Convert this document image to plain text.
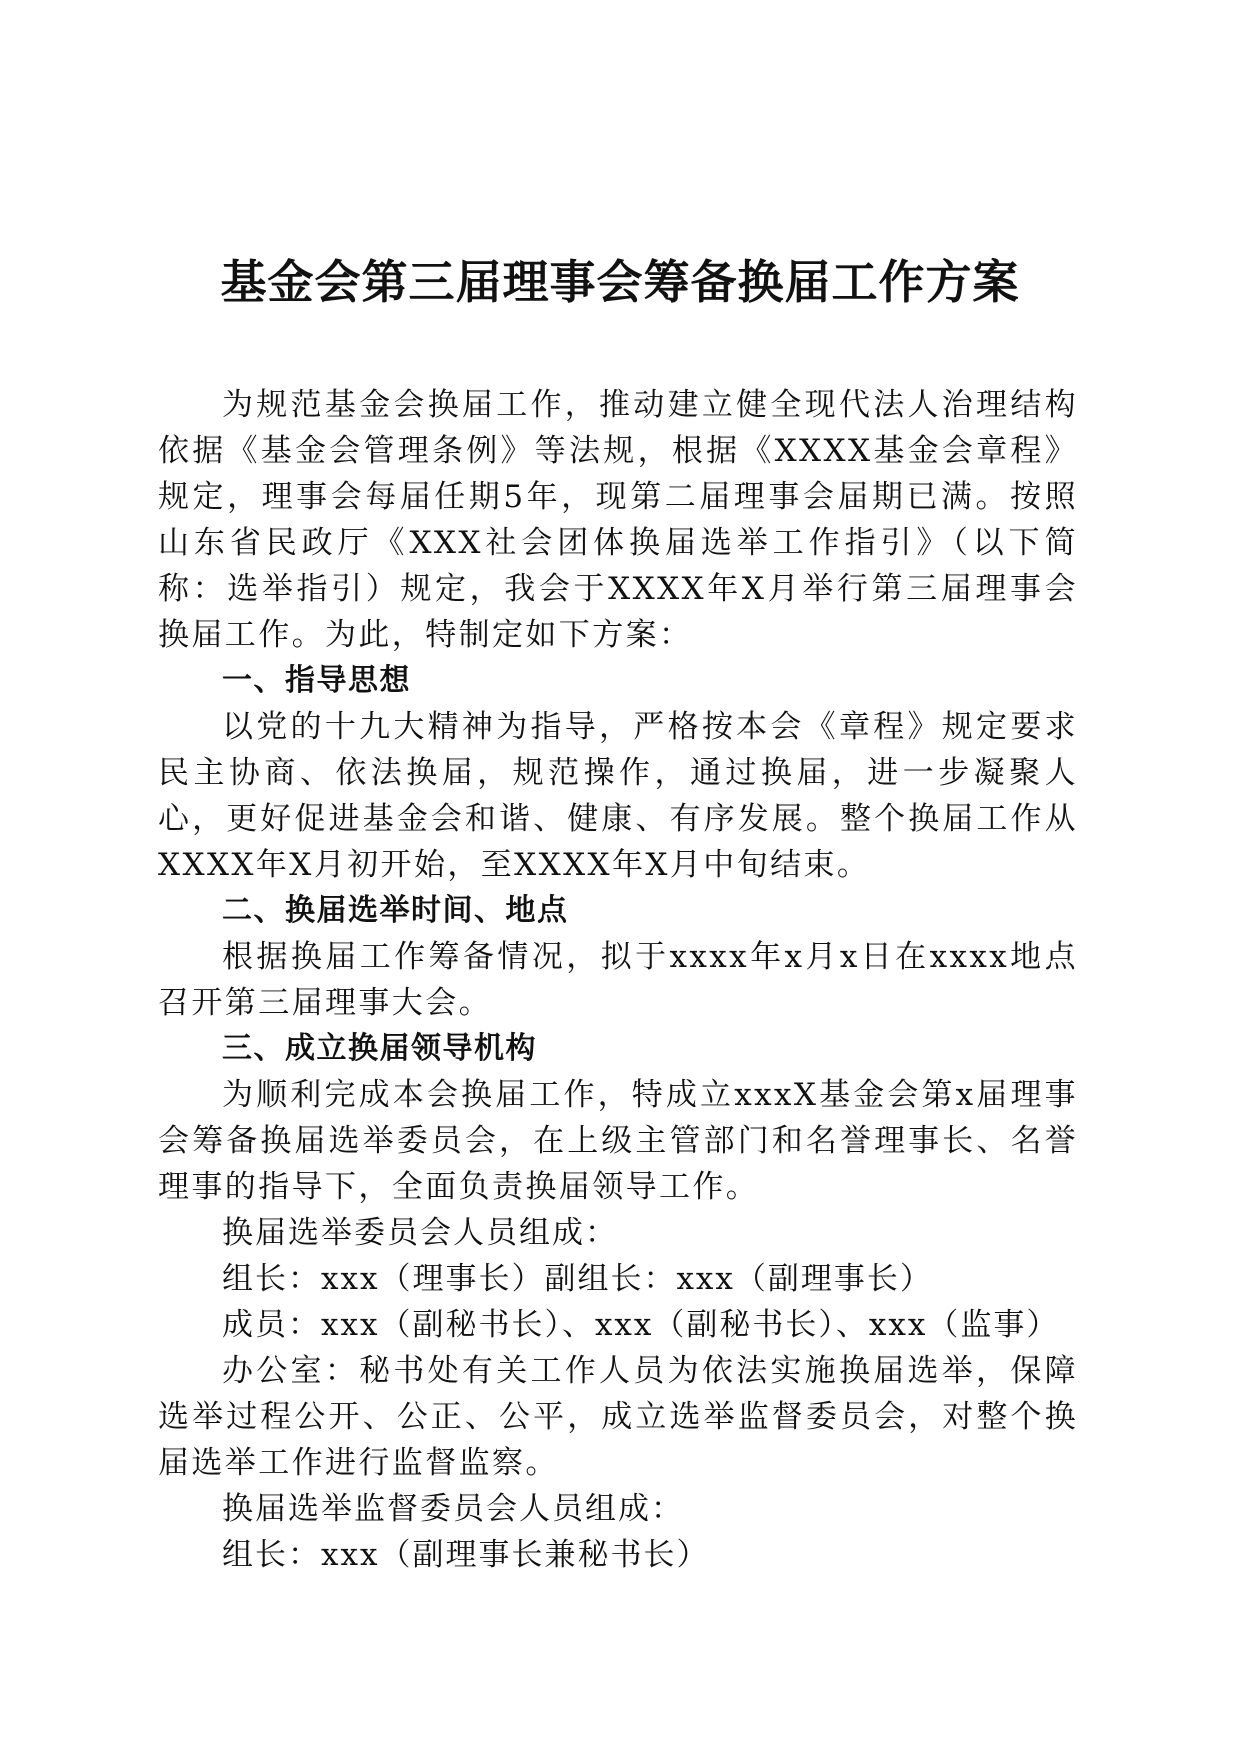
基金会第三届理事会筹备换届工作方案

为规范基金会换届工作，推动建立健全现代法人治理结构依据《基金会管理条例》等法规，根据《XXXX基金会章程》规定，理事会每届任期5年，现第二届理事会届期已满。按照山东省民政厅《XXX社会团体换届选举工作指引》（以下简称：选举指引）规定，我会于XXXX年X月举行第三届理事会换届工作。为此，特制定如下方案：

一、指导思想

以党的十九大精神为指导，严格按本会《章程》规定要求民主协商、依法换届，规范操作，通过换届，进一步凝聚人心，更好促进基金会和谐、健康、有序发展。整个换届工作从XXXX年X月初开始，至XXXX年X月中旬结束。

二、换届选举时间、地点

根据换届工作筹备情况，拟于xxxx年x月x日在xxxx地点召开第三届理事大会。

三、成立换届领导机构

为顺利完成本会换届工作，特成立xxxX基金会第x届理事会筹备换届选举委员会，在上级主管部门和名誉理事长、名誉理事的指导下，全面负责换届领导工作。

换届选举委员会人员组成：

组长：xxx（理事长）副组长：xxx（副理事长）

成员：xxx（副秘书长）、xxx（副秘书长）、xxx（监事）

办公室：秘书处有关工作人员为依法实施换届选举，保障选举过程公开、公正、公平，成立选举监督委员会，对整个换届选举工作进行监督监察。

换届选举监督委员会人员组成：

组长：xxx（副理事长兼秘书长）
